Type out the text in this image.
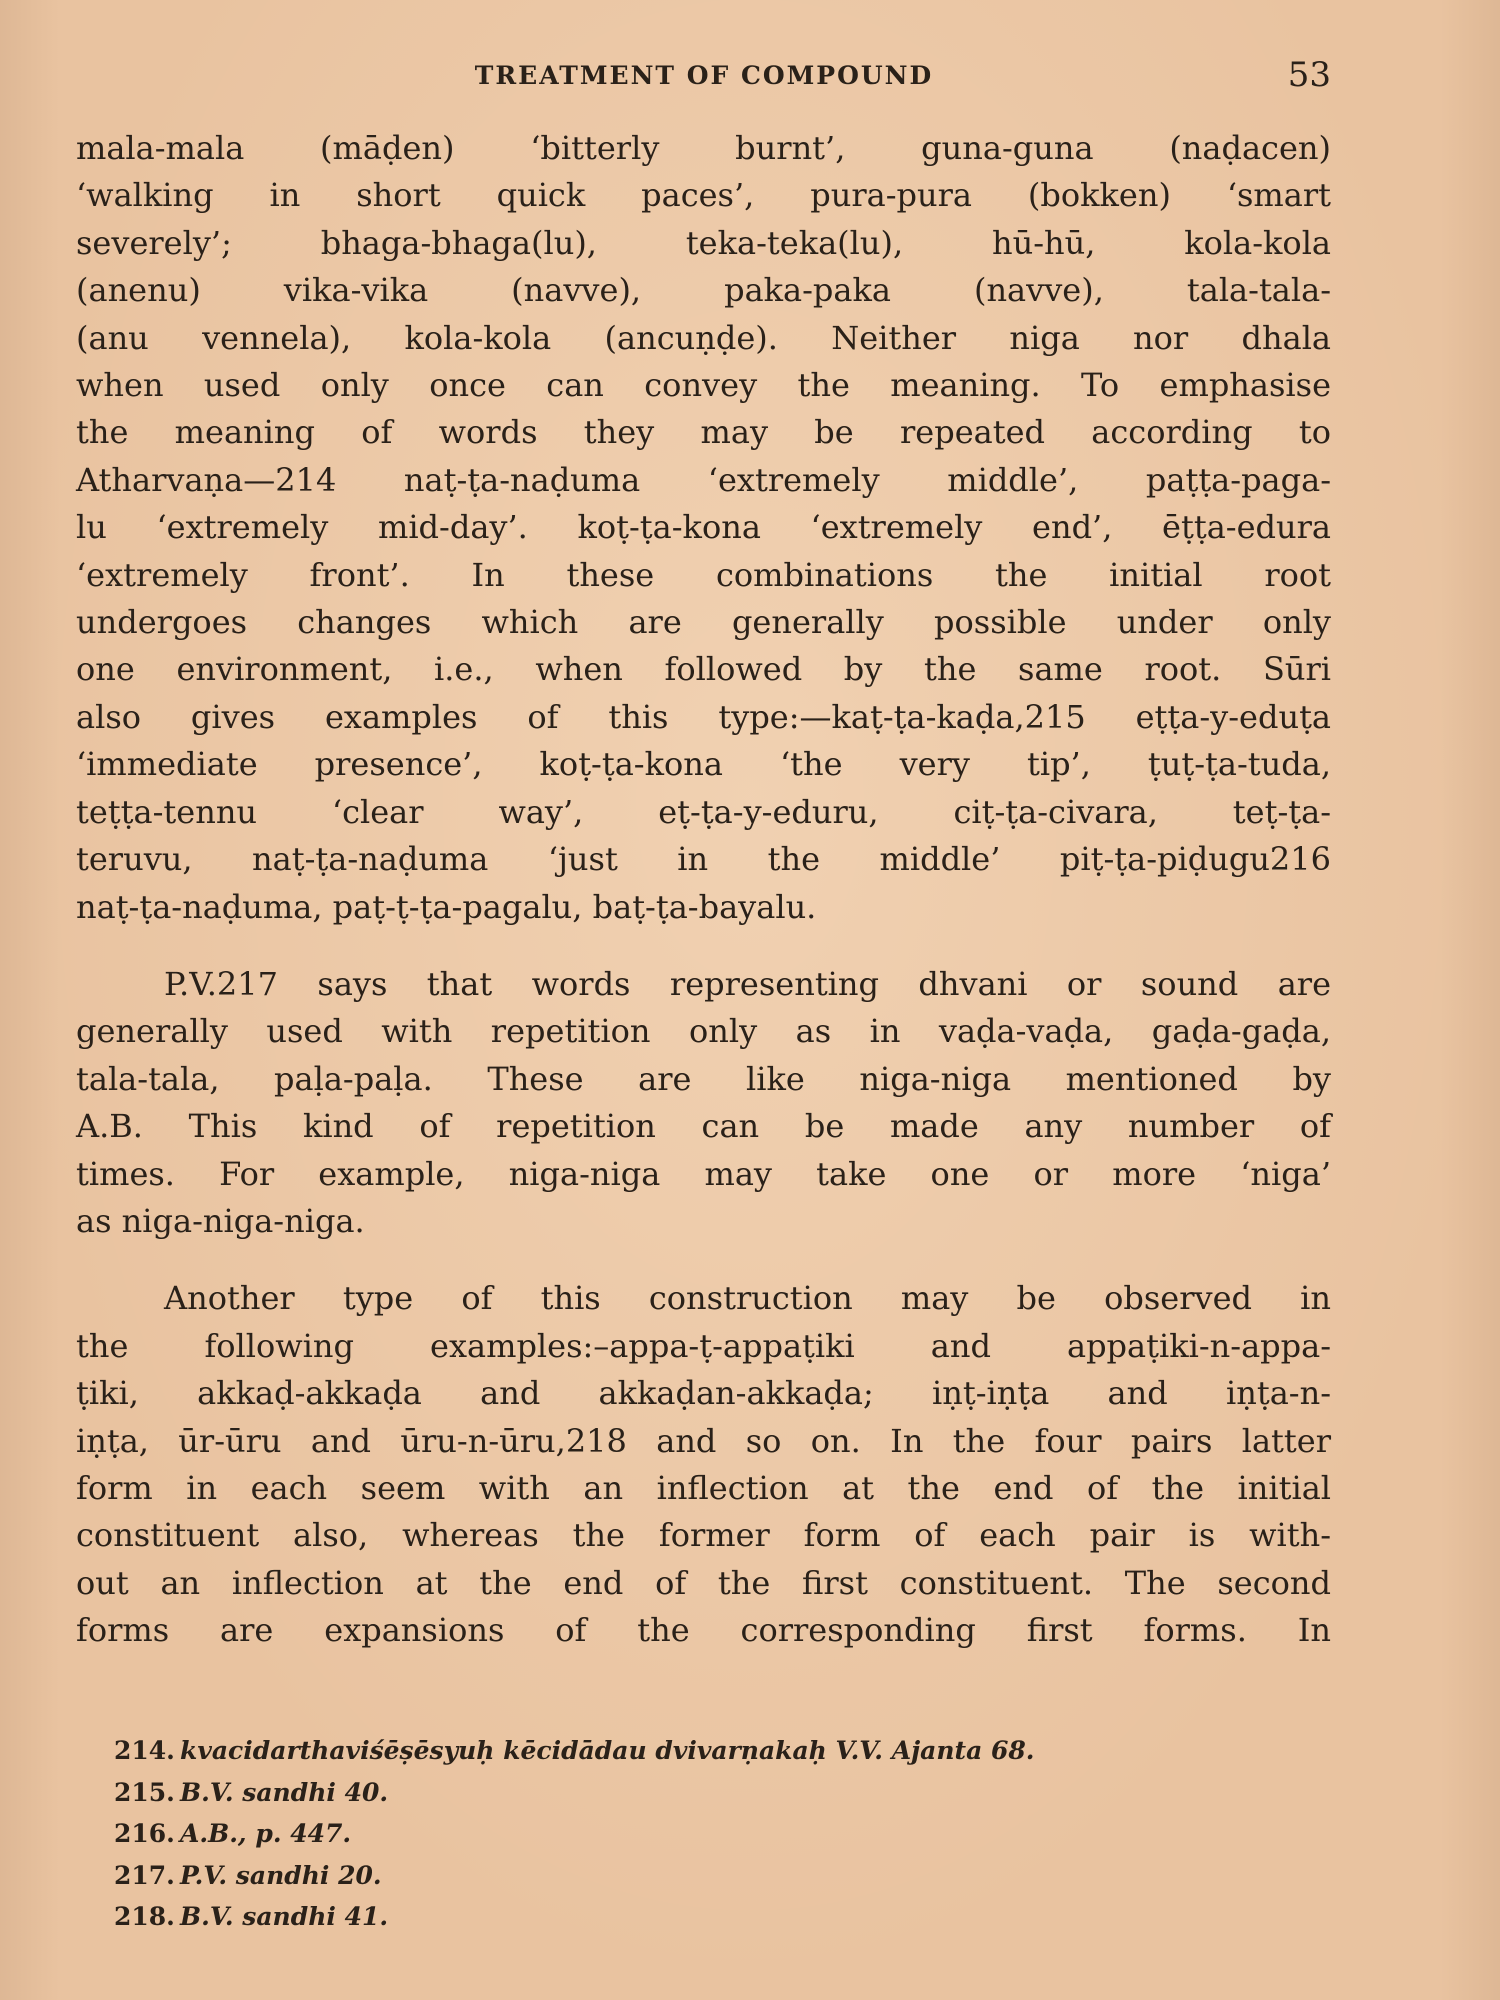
TREATMENT OF COMPOUND	53

mala-mala (māḍen) ‘bitterly burnt’, guna-guna (naḍacen)
‘walking in short quick paces’, pura-pura (bokken) ‘smart
severely’; bhaga-bhaga(lu), teka-teka(lu), hū-hū, kola-kola
(anenu) vika-vika (navve), paka-paka (navve), tala-tala-
(anu vennela), kola-kola (ancuṇḍe). Neither niga nor dhala
when used only once can convey the meaning. To emphasise
the meaning of words they may be repeated according to
Atharvaṇa—214 naṭ-ṭa-naḍuma ‘extremely middle’, paṭṭa-paga-
lu ‘extremely mid-day’. koṭ-ṭa-kona ‘extremely end’, ēṭṭa-edura
‘extremely front’. In these combinations the initial root
undergoes changes which are generally possible under only
one environment, i.e., when followed by the same root. Sūri
also gives examples of this type:—kaṭ-ṭa-kaḍa,215 eṭṭa-y-eduṭa
‘immediate presence’, koṭ-ṭa-kona ‘the very tip’, ṭuṭ-ṭa-tuda,
teṭṭa-tennu ‘clear way’, eṭ-ṭa-y-eduru, ciṭ-ṭa-civara, teṭ-ṭa-
teruvu, naṭ-ṭa-naḍuma ‘just in the middle’ piṭ-ṭa-piḍugu216
naṭ-ṭa-naḍuma, paṭ-ṭ-ṭa-pagalu, baṭ-ṭa-bayalu.

P.V.217 says that words representing dhvani or sound are
generally used with repetition only as in vaḍa-vaḍa, gaḍa-gaḍa,
tala-tala, paḷa-paḷa. These are like niga-niga mentioned by
A.B. This kind of repetition can be made any number of
times. For example, niga-niga may take one or more ‘niga’
as niga-niga-niga.

Another type of this construction may be observed in
the following examples:–appa-ṭ-appaṭiki and appaṭiki-n-appa-
ṭiki, akkaḍ-akkaḍa and akkaḍan-akkaḍa; iṇṭ-iṇṭa and iṇṭa-n-
iṇṭa, ūr-ūru and ūru-n-ūru,218 and so on. In the four pairs latter
form in each seem with an inflection at the end of the initial
constituent also, whereas the former form of each pair is with-
out an inflection at the end of the first constituent. The second
forms are expansions of the corresponding first forms. In

214. kvacidarthaviśēṣēsyuḥ kēcidādau dvivarṇakaḥ V.V. Ajanta 68.
215. B.V. sandhi 40.
216. A.B., p. 447.
217. P.V. sandhi 20.
218. B.V. sandhi 41.
